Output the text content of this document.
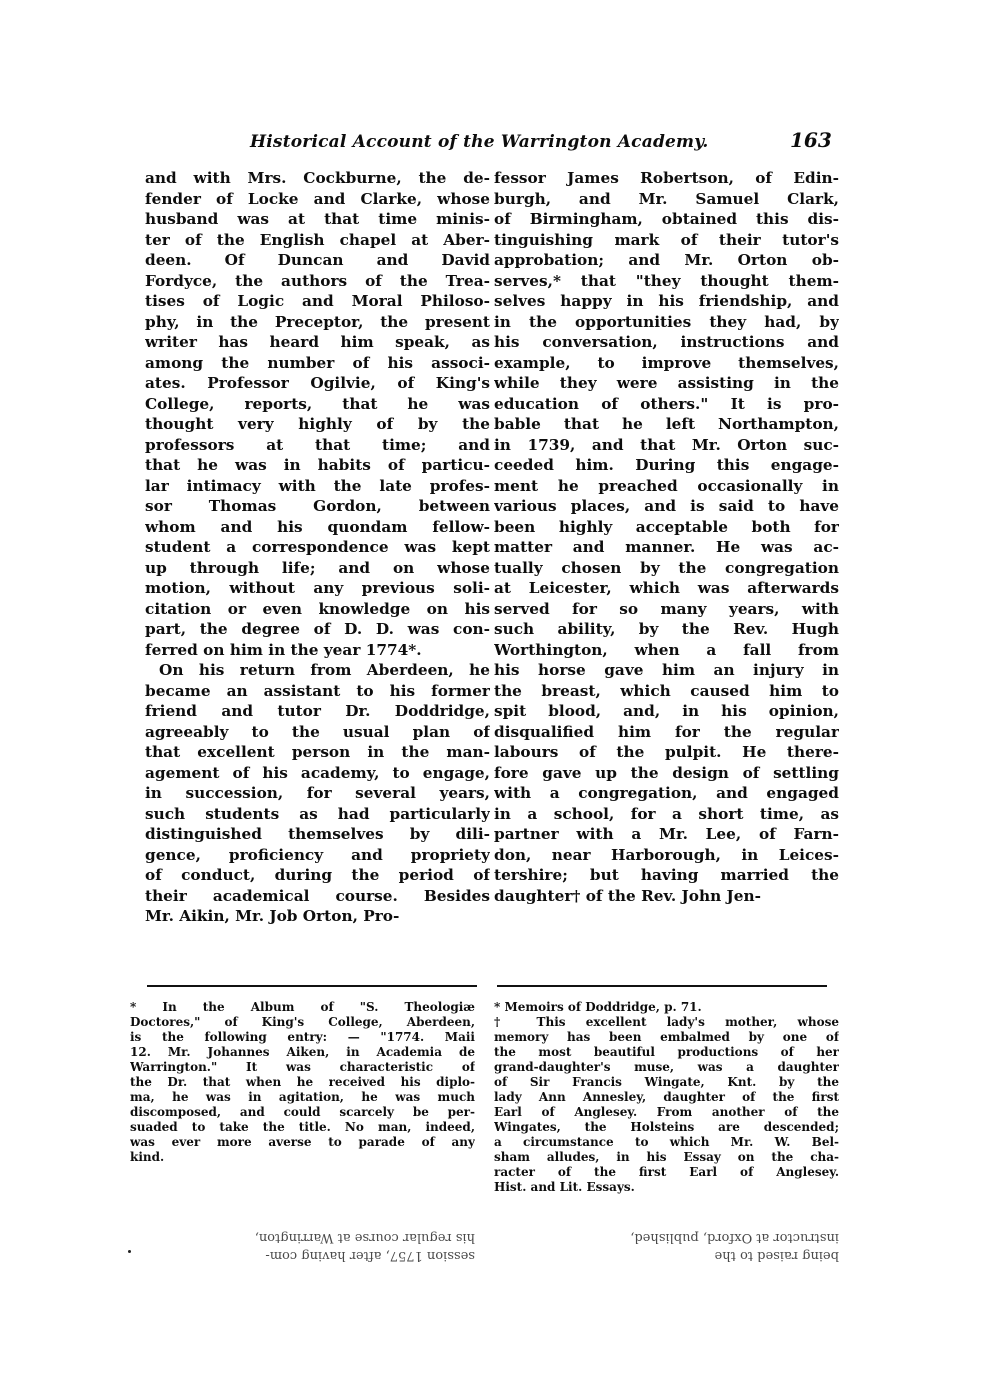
Historical Account of the Warrington Academy.	163
and with Mrs. Cockburne, the de-
fender of Locke and Clarke, whose
husband was at that time minis-
ter of the English chapel at Aber-
deen. Of Duncan and David
Fordyce, the authors of the Trea-
tises of Logic and Moral Philoso-
phy, in the Preceptor, the present
writer has heard him speak, as
among the number of his associ-
ates. Professor Ogilvie, of King's
College, reports, that he was
thought very highly of by the
professors at that time; and
that he was in habits of particu-
lar intimacy with the late profes-
sor Thomas Gordon, between
whom and his quondam fellow-
student a correspondence was kept
up through life; and on whose
motion, without any previous soli-
citation or even knowledge on his
part, the degree of D. D. was con-
ferred on him in the year 1774*.
On his return from Aberdeen, he
became an assistant to his former
friend and tutor Dr. Doddridge,
agreeably to the usual plan of
that excellent person in the man-
agement of his academy, to engage,
in succession, for several years,
such students as had particularly
distinguished themselves by dili-
gence, proficiency and propriety
of conduct, during the period of
their academical course. Besides
Mr. Aikin, Mr. Job Orton, Pro-
fessor James Robertson, of Edin-
burgh, and Mr. Samuel Clark,
of Birmingham, obtained this dis-
tinguishing mark of their tutor's
approbation; and Mr. Orton ob-
serves,* that "they thought them-
selves happy in his friendship, and
in the opportunities they had, by
his conversation, instructions and
example, to improve themselves,
while they were assisting in the
education of others." It is pro-
bable that he left Northampton,
in 1739, and that Mr. Orton suc-
ceeded him. During this engage-
ment he preached occasionally in
various places, and is said to have
been highly acceptable both for
matter and manner. He was ac-
tually chosen by the congregation
at Leicester, which was afterwards
served for so many years, with
such ability, by the Rev. Hugh
Worthington, when a fall from
his horse gave him an injury in
the breast, which caused him to
spit blood, and, in his opinion,
disqualified him for the regular
labours of the pulpit. He there-
fore gave up the design of settling
with a congregation, and engaged
in a school, for a short time, as
partner with a Mr. Lee, of Farn-
don, near Harborough, in Leices-
tershire; but having married the
daughter† of the Rev. John Jen-
* In the Album of "S. Theologiæ
Doctores," of King's College, Aberdeen,
is the following entry: — "1774. Maii
12. Mr. Johannes Aiken, in Academia de
Warrington." It was characteristic of
the Dr. that when he received his diplo-
ma, he was in agitation, he was much
discomposed, and could scarcely be per-
suaded to take the title. No man, indeed,
was ever more averse to parade of any
kind.
* Memoirs of Doddridge, p. 71.
† This excellent lady's mother, whose
memory has been embalmed by one of
the most beautiful productions of her
grand-daughter's muse, was a daughter
of Sir Francis Wingate, Knt. by the
lady Ann Annesley, daughter of the first
Earl of Anglesey. From another of the
Wingates, the Holsteins are descended;
a circumstance to which Mr. W. Bel-
sham alludes, in his Essay on the cha-
racter of the first Earl of Anglesey.
Hist. and Lit. Essays.
session 1757, after having com-
his regular course at Warrington,
being raised to the
instructor at Oxford, published,
